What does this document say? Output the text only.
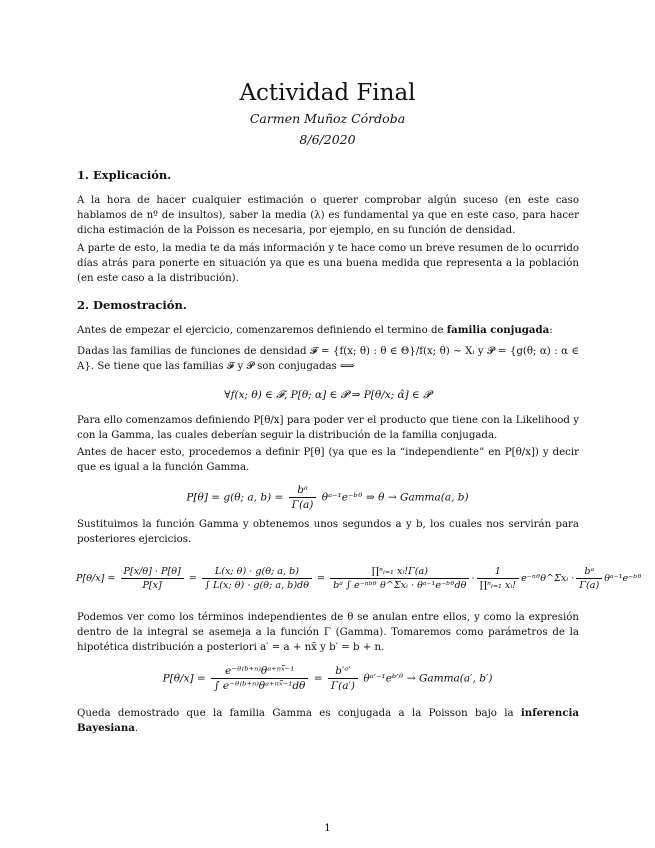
Actividad Final
Carmen Muñoz Córdoba
8/6/2020
1. Explicación.
A la hora de hacer cualquier estimación o querer comprobar algún suceso (en este caso hablamos de nº de insultos), saber la media (λ) es fundamental ya que en este caso, para hacer dicha estimación de la Poisson es necesaria, por ejemplo, en su función de densidad.
A parte de esto, la media te da más información y te hace como un breve resumen de lo ocurrido días atrás para ponerte en situación ya que es una buena medida que representa a la población (en este caso a la distribución).
2. Demostración.
Antes de empezar el ejercicio, comenzaremos definiendo el termino de familia conjugada:
Dadas las familias de funciones de densidad 𝓕 = {f(x; θ) : θ ∈ Θ}/f(x; θ) ∼ Xᵢ y 𝓟 = {g(θ; α) : α ∈ A}. Se tiene que las familias 𝓕 y 𝓟 son conjugadas ⟺
∀f(x; θ) ∈ 𝓕, P[θ; α] ∈ 𝓟 ⇒ P[θ/x; α̂] ∈ 𝓟
Para ello comenzamos definiendo P[θ/x] para poder ver el producto que tiene con la Likelihood y con la Gamma, las cuales deberían seguir la distribución de la familia conjugada.
Antes de hacer esto, procedemos a definir P[θ] (ya que es la “independiente” en P[θ/x]) y decir que es igual a la función Gamma.
P[θ] = g(θ; a, $b) = \frac{\text{bᵃ}}{\Gamma(a)}$ θᵃ⁻¹e⁻ᵇᶿ ⇒ θ → Gamma(a, b)
Sustituimos la función Gamma y obtenemos unos segundos a y b, los cuales nos servirán para posteriores ejercicios.
$P[\theta/x] = \frac{P[x/\theta] \cdot P[\theta]}{P[x]} = \frac{L(x; \theta) \cdot g(\theta; a, b)}{\int L(x; \theta) \cdot g(\theta; a, b)d\theta} = \frac{\text{∏ⁿᵢ₌₁ xᵢ!Γ(a)}}{\text{bᵃ ∫ e⁻ⁿᵇᶿ θ\textasciicircum{}Σxᵢ · θᵃ⁻¹e⁻ᵇᶿdθ}} \cdot \frac{1}{\text{∏ⁿᵢ₌₁ xᵢ!}}$ e⁻ⁿᶿθ^Σxᵢ · $\frac{\text{bᵃ}}{\Gamma(a)}$ θᵃ⁻¹e⁻ᵇᶿ
Podemos ver como los términos independientes de θ se anulan entre ellos, y como la expresión dentro de la integral se asemeja a la función Γ (Gamma). Tomaremos como parámetros de la hipotética distribución a posteriori a′ = a + nx̄ y b′ = b + n.
$P[\theta/x] = \frac{\text{e⁻ᶿ⁽ᵇ⁺ⁿ⁾θᵃ⁺ⁿˣ̄⁻¹}}{\text{∫ e⁻ᶿ⁽ᵇ⁺ⁿ⁾θᵃ⁺ⁿˣ̄⁻¹dθ}} = \frac{\text{b′ᵃ′}}{\Gamma(a')}$ θᵃ′⁻¹eᵇ′ᶿ → Gamma(a′, b′)
Queda demostrado que la familia Gamma es conjugada a la Poisson bajo la inferencia Bayesiana.
1
